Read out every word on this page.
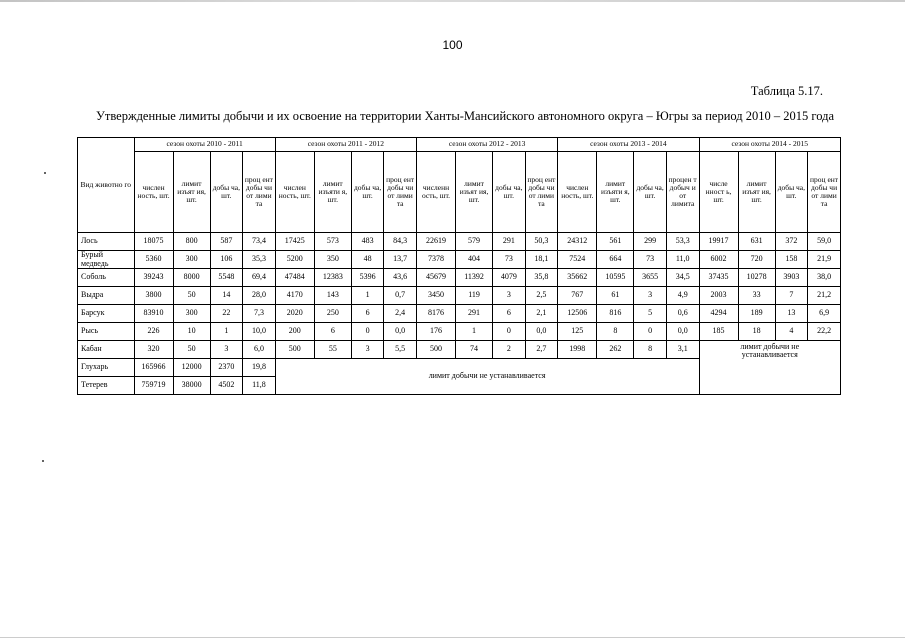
100
Таблица 5.17.
Утвержденные лимиты добычи и их освоение на территории Ханты-Мансийского автономного округа – Югры за период 2010 – 2015 года
Вид животно го	сезон охоты 2010 - 2011				сезон охоты 2011 - 2012				сезон охоты 2012 - 2013				сезон охоты 2013 - 2014				сезон охоты 2014 - 2015			
	числен ность, шт.	лимит изъят ия, шт.	добы ча, шт.	проц ент добы чи от лими та	числен ность, шт.	лимит изъяти я, шт.	добы ча, шт.	проц ент добы чи от лими та	численн ость, шт.	лимит изъят ия, шт.	добы ча, шт.	проц ент добы чи от лими та	числен ность, шт.	лимит изъяти я, шт.	добы ча, шт.	процен т добыч и от лимита	числе нност ь, шт.	лимит изъят ия, шт.	добы ча, шт.	проц ент добы чи от лими та
Лось	18075	800	587	73,4	17425	573	483	84,3	22619	579	291	50,3	24312	561	299	53,3	19917	631	372	59,0
Бурый медведь	5360	300	106	35,3	5200	350	48	13,7	7378	404	73	18,1	7524	664	73	11,0	6002	720	158	21,9
Соболь	39243	8000	5548	69,4	47484	12383	5396	43,6	45679	11392	4079	35,8	35662	10595	3655	34,5	37435	10278	3903	38,0
Выдра	3800	50	14	28,0	4170	143	1	0,7	3450	119	3	2,5	767	61	3	4,9	2003	33	7	21,2
Барсук	83910	300	22	7,3	2020	250	6	2,4	8176	291	6	2,1	12506	816	5	0,6	4294	189	13	6,9
Рысь	226	10	1	10,0	200	6	0	0,0	176	1	0	0,0	125	8	0	0,0	185	18	4	22,2
Кабан	320	50	3	6,0	500	55	3	5,5	500	74	2	2,7	1998	262	8	3,1	лимит добычи не устанавливается			
Глухарь	165966	12000	2370	19,8	лимит добычи не устанавливается															
Тетерев	759719	38000	4502	11,8																
